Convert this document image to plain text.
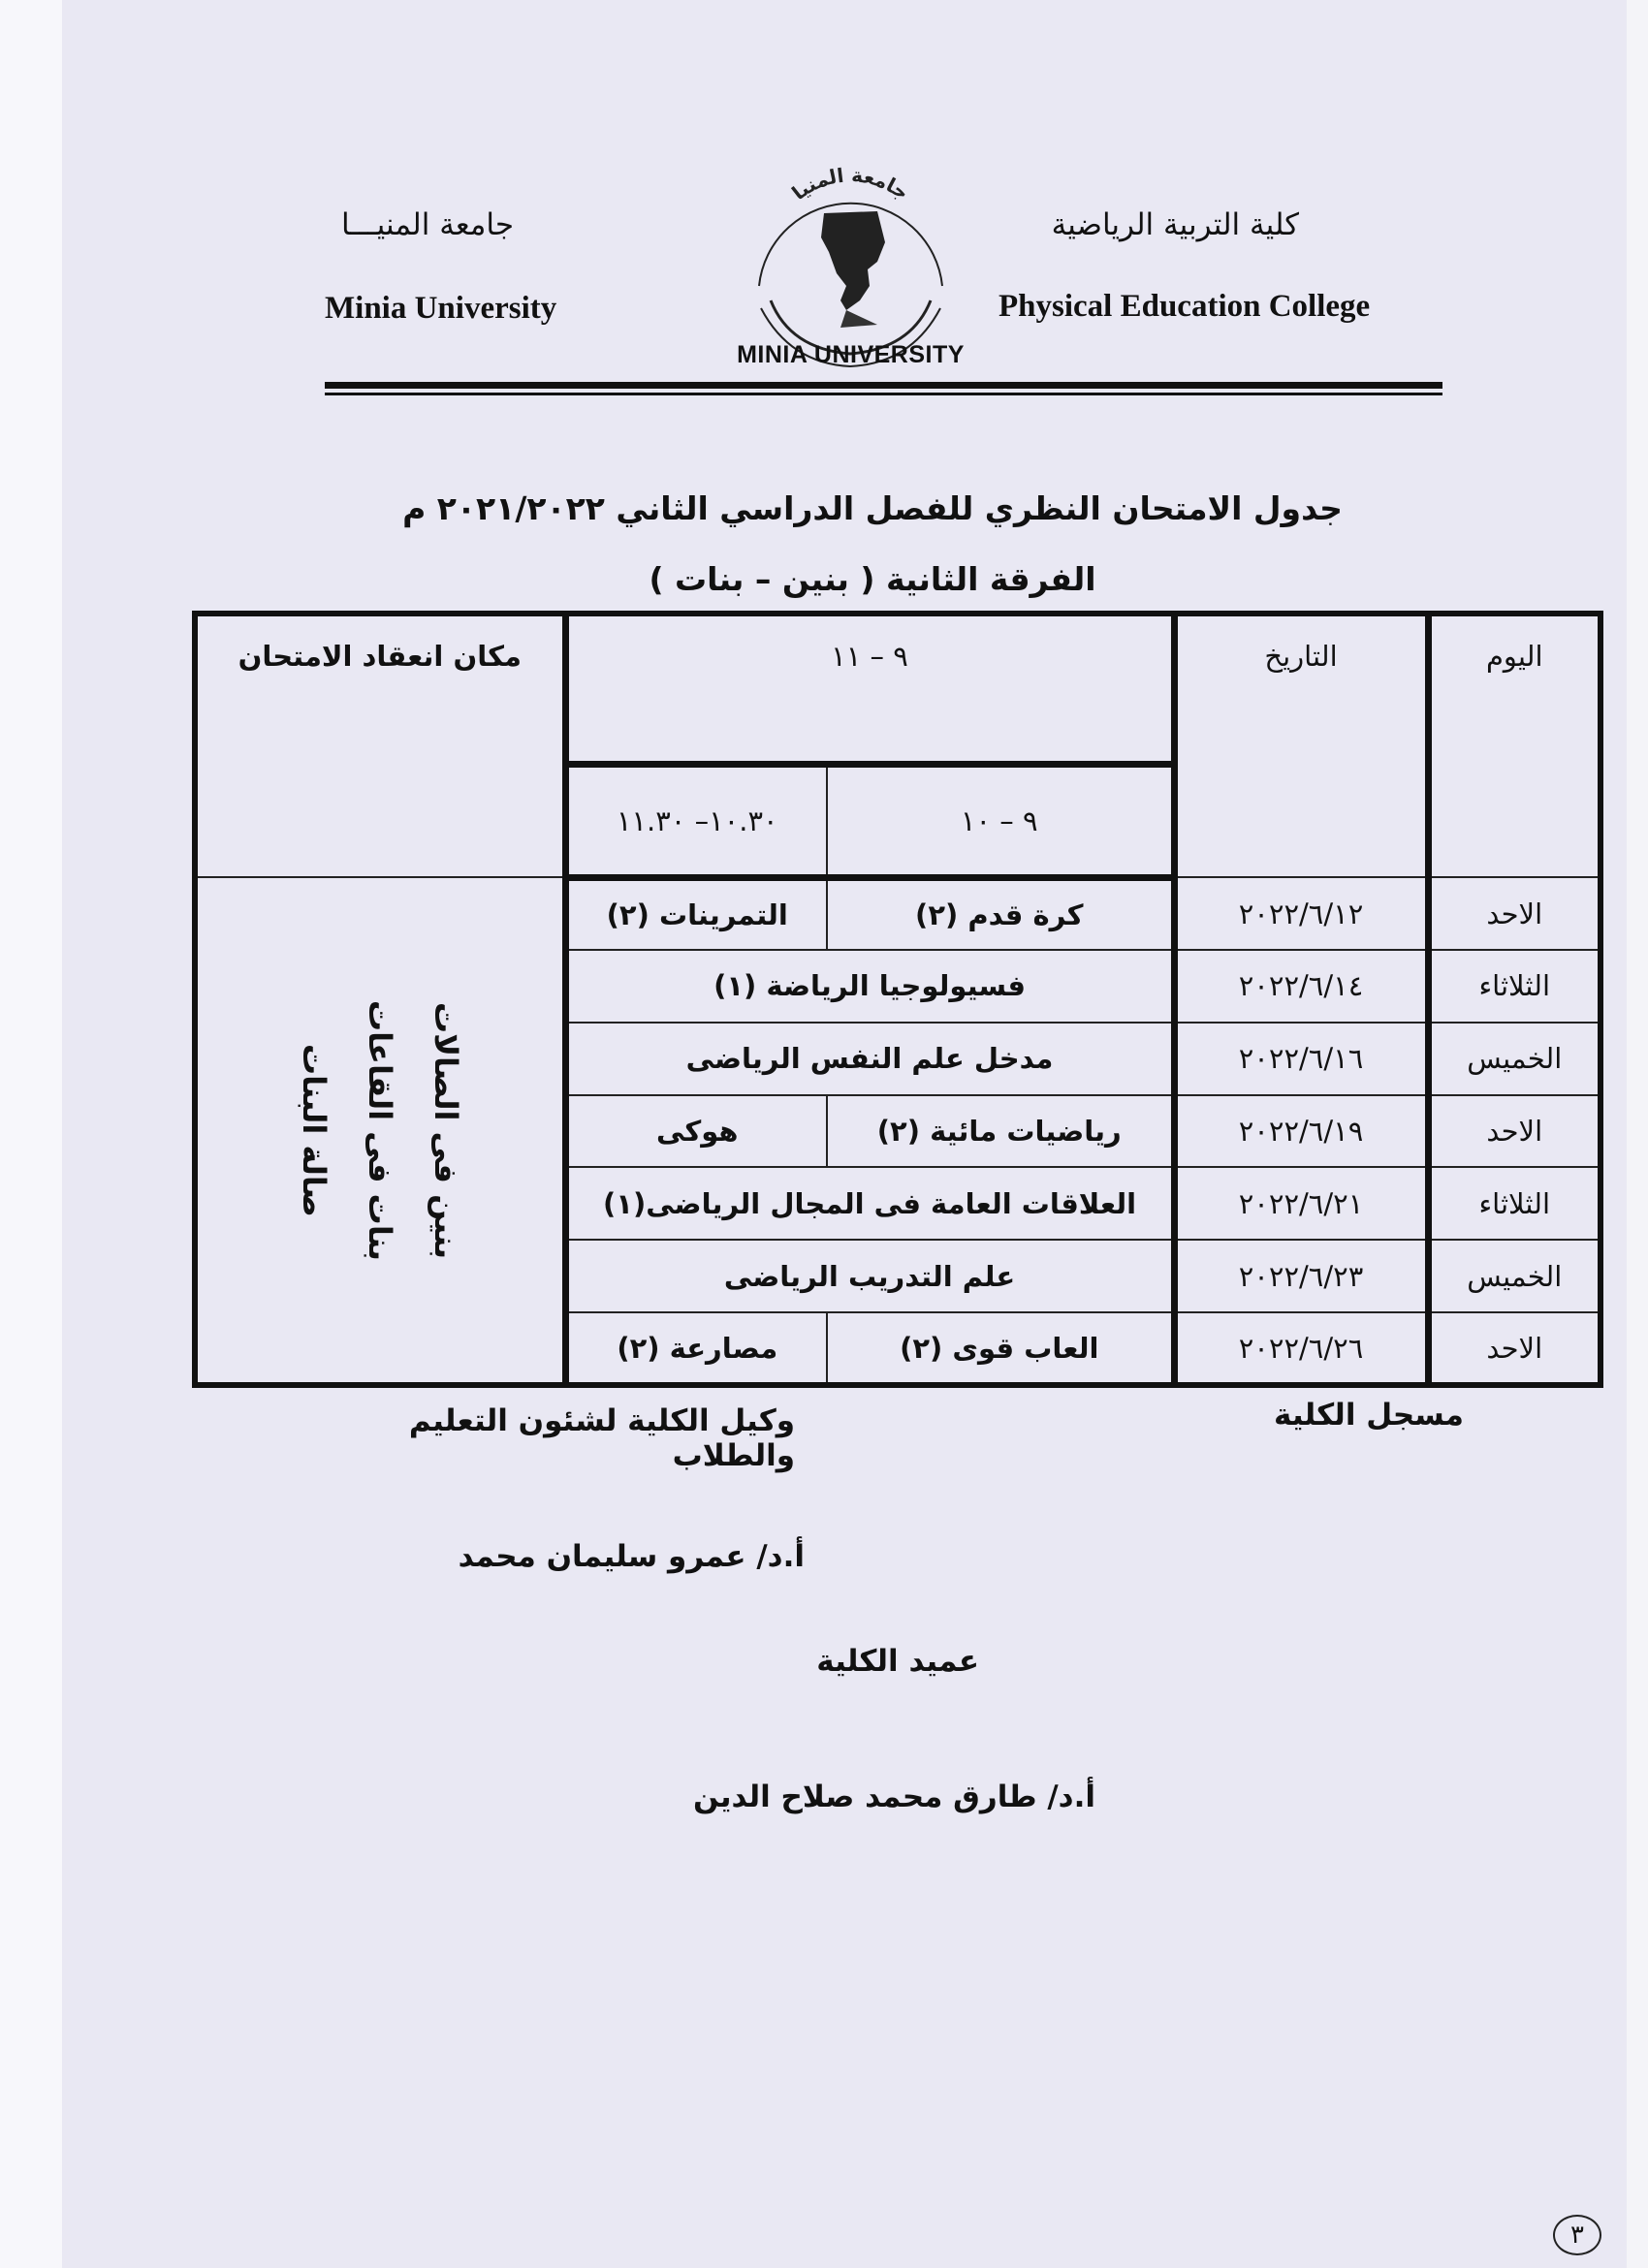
جامعة المنيـــا
Minia University
كلية التربية الرياضية
Physical Education College
جامعة المنيا
MINIA UNIVERSITY
جدول الامتحان النظري للفصل الدراسي الثاني ٢٠٢١/٢٠٢٢ م
الفرقة الثانية ( بنين – بنات )
اليوم	التاريخ	٩ – ١١		مكان انعقاد الامتحان
		٩ – ١٠	١٠.٣٠– ١١.٣٠	
الاحد	٢٠٢٢/٦/١٢	كرة قدم (٢)	التمرينات (٢)	بنين فى الصالات
بنات فى القاعات
صالة البنات

الثلاثاء	٢٠٢٢/٦/١٤	فسيولوجيا الرياضة (١)		
الخميس	٢٠٢٢/٦/١٦	مدخل علم النفس الرياضى		
الاحد	٢٠٢٢/٦/١٩	رياضيات مائية (٢)	هوكى	
الثلاثاء	٢٠٢٢/٦/٢١	العلاقات العامة فى المجال الرياضى(١)		
الخميس	٢٠٢٢/٦/٢٣	علم التدريب الرياضى		
الاحد	٢٠٢٢/٦/٢٦	العاب قوى (٢)	مصارعة (٢)	
مسجل الكلية
وكيل الكلية لشئون التعليم والطلاب
أ.د/ عمرو سليمان محمد
عميد الكلية
أ.د/ طارق محمد صلاح الدين
٣
